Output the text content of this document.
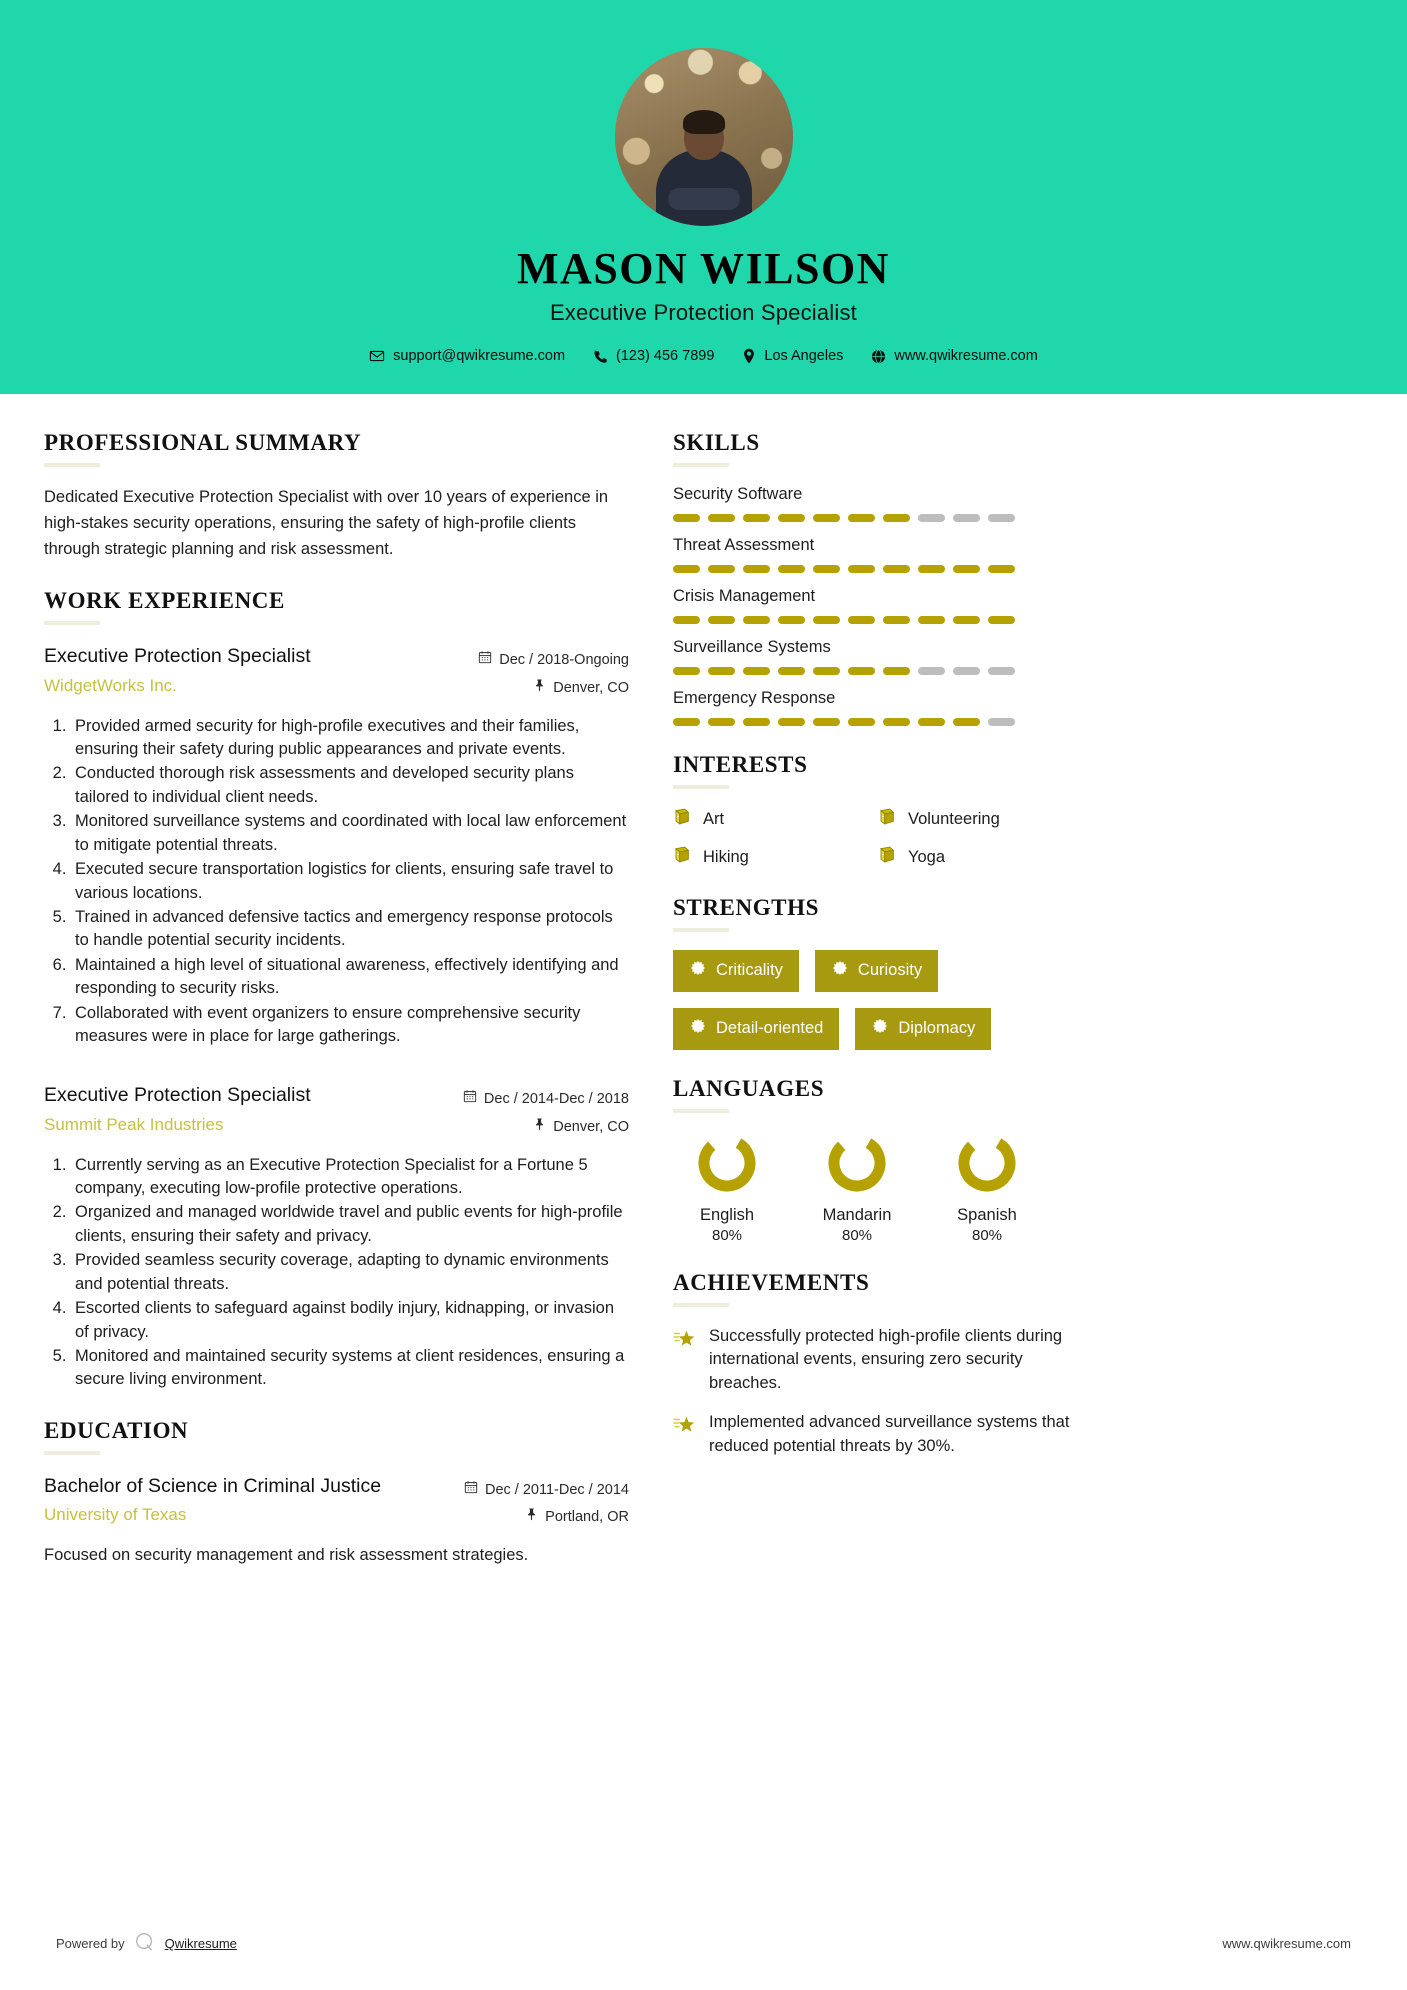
MASON WILSON
Executive Protection Specialist
support@qwikresume.com	(123) 456 7899	Los Angeles	www.qwikresume.com
PROFESSIONAL SUMMARY
Dedicated Executive Protection Specialist with over 10 years of experience in high-stakes security operations, ensuring the safety of high-profile clients through strategic planning and risk assessment.
WORK EXPERIENCE
Executive Protection Specialist
WidgetWorks Inc.
Dec / 2018-Ongoing
Denver, CO
1. Provided armed security for high-profile executives and their families, ensuring their safety during public appearances and private events.
2. Conducted thorough risk assessments and developed security plans tailored to individual client needs.
3. Monitored surveillance systems and coordinated with local law enforcement to mitigate potential threats.
4. Executed secure transportation logistics for clients, ensuring safe travel to various locations.
5. Trained in advanced defensive tactics and emergency response protocols to handle potential security incidents.
6. Maintained a high level of situational awareness, effectively identifying and responding to security risks.
7. Collaborated with event organizers to ensure comprehensive security measures were in place for large gatherings.
Executive Protection Specialist
Summit Peak Industries
Dec / 2014-Dec / 2018
Denver, CO
1. Currently serving as an Executive Protection Specialist for a Fortune 5 company, executing low-profile protective operations.
2. Organized and managed worldwide travel and public events for high-profile clients, ensuring their safety and privacy.
3. Provided seamless security coverage, adapting to dynamic environments and potential threats.
4. Escorted clients to safeguard against bodily injury, kidnapping, or invasion of privacy.
5. Monitored and maintained security systems at client residences, ensuring a secure living environment.
EDUCATION
Bachelor of Science in Criminal Justice
University of Texas
Dec / 2011-Dec / 2014
Portland, OR
Focused on security management and risk assessment strategies.
SKILLS
Security Software
Threat Assessment
Crisis Management
Surveillance Systems
Emergency Response
INTERESTS
Art	Volunteering
Hiking	Yoga
STRENGTHS
Criticality	Curiosity
Detail-oriented	Diplomacy
LANGUAGES
English
80%
Mandarin
80%
Spanish
80%
ACHIEVEMENTS
Successfully protected high-profile clients during international events, ensuring zero security breaches.
Implemented advanced surveillance systems that reduced potential threats by 30%.
Powered by	Qwikresume	www.qwikresume.com
